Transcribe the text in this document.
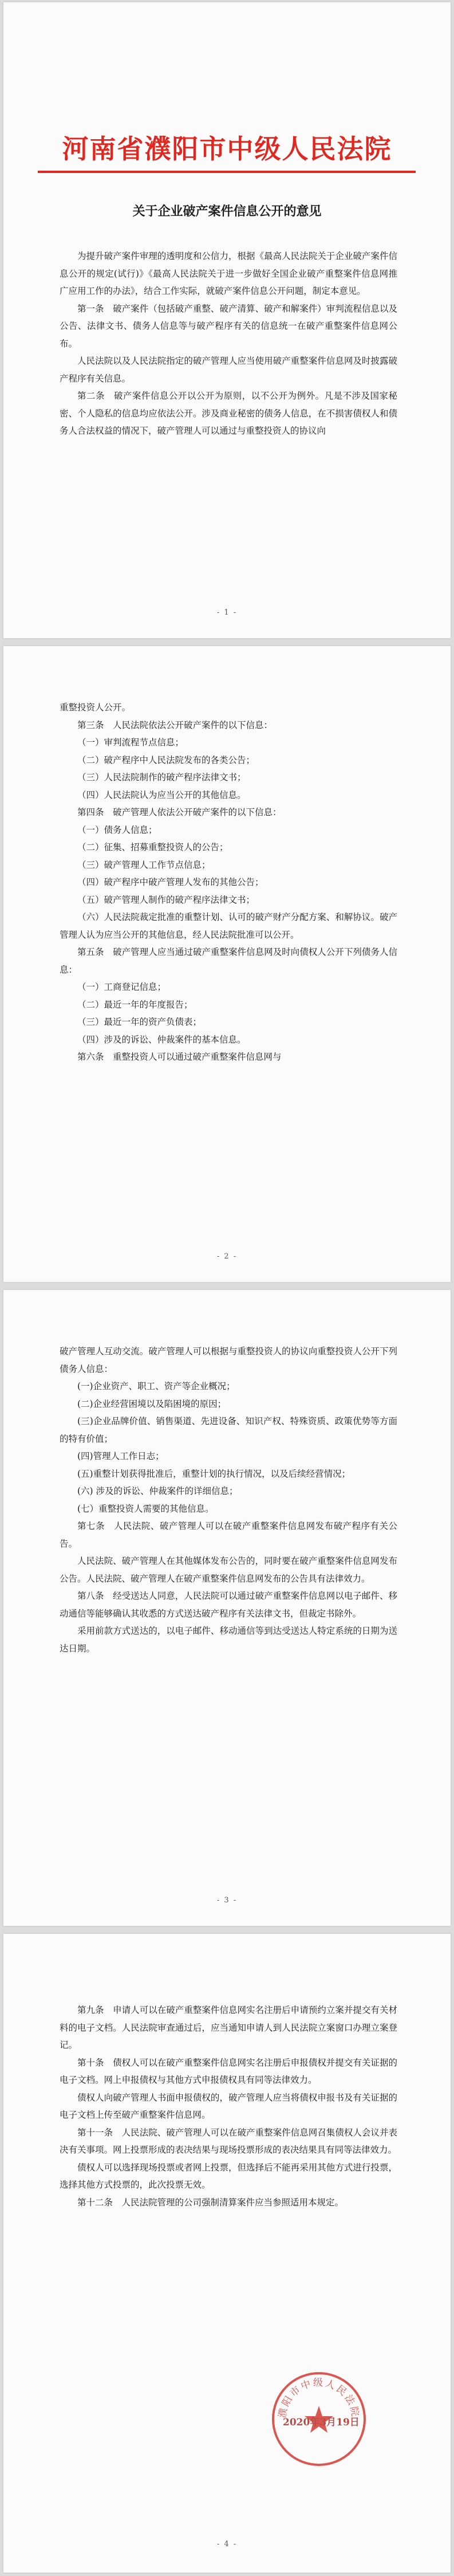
河南省濮阳市中级人民法院
关于企业破产案件信息公开的意见

为提升破产案件审理的透明度和公信力，根据《最高人民法院关于企业破产案件信息公开的规定(试行)》《最高人民法院关于进一步做好全国企业破产重整案件信息网推广应用工作的办法》，结合工作实际，就破产案件信息公开问题，制定本意见。

第一条　破产案件（包括破产重整、破产清算、破产和解案件）审判流程信息以及公告、法律文书、债务人信息等与破产程序有关的信息统一在破产重整案件信息网公布。

人民法院以及人民法院指定的破产管理人应当使用破产重整案件信息网及时披露破产程序有关信息。

第二条　破产案件信息公开以公开为原则，以不公开为例外。凡是不涉及国家秘密、个人隐私的信息均应依法公开。涉及商业秘密的债务人信息，在不损害债权人和债务人合法权益的情况下，破产管理人可以通过与重整投资人的协议向

- 1 -

重整投资人公开。

第三条　人民法院依法公开破产案件的以下信息：

（一）审判流程节点信息；

（二）破产程序中人民法院发布的各类公告；

（三）人民法院制作的破产程序法律文书；

（四）人民法院认为应当公开的其他信息。

第四条　破产管理人依法公开破产案件的以下信息：

（一）债务人信息；

（二）征集、招募重整投资人的公告；

（三）破产管理人工作节点信息；

（四）破产程序中破产管理人发布的其他公告；

（五）破产管理人制作的破产程序法律文书；

（六）人民法院裁定批准的重整计划、认可的破产财产分配方案、和解协议。破产管理人认为应当公开的其他信息，经人民法院批准可以公开。

第五条　破产管理人应当通过破产重整案件信息网及时向债权人公开下列债务人信息：

（一）工商登记信息；

（二）最近一年的年度报告；

（三）最近一年的资产负债表；

（四）涉及的诉讼、仲裁案件的基本信息。

第六条　重整投资人可以通过破产重整案件信息网与

- 2 -

破产管理人互动交流。破产管理人可以根据与重整投资人的协议向重整投资人公开下列债务人信息：

(一)企业资产、职工、资产等企业概况；

(二)企业经营困境以及陷困境的原因；

(三)企业品牌价值、销售渠道、先进设备、知识产权、特殊资质、政策优势等方面的特有价值；

(四)管理人工作日志；

(五)重整计划获得批准后，重整计划的执行情况，以及后续经营情况；

(六) 涉及的诉讼、仲裁案件的详细信息；

(七）重整投资人需要的其他信息。

第七条　人民法院、破产管理人可以在破产重整案件信息网发布破产程序有关公告。

人民法院、破产管理人在其他媒体发布公告的，同时要在破产重整案件信息网发布公告。人民法院、破产管理人在破产重整案件信息网发布的公告具有法律效力。

第八条　经受送达人同意，人民法院可以通过破产重整案件信息网以电子邮件、移动通信等能够确认其收悉的方式送达破产程序有关法律文书，但裁定书除外。

采用前款方式送达的，以电子邮件、移动通信等到达受送达人特定系统的日期为送达日期。

- 3 -

第九条　申请人可以在破产重整案件信息网实名注册后申请预约立案并提交有关材料的电子文档。人民法院审查通过后，应当通知申请人到人民法院立案窗口办理立案登记。

第十条　债权人可以在破产重整案件信息网实名注册后申报债权并提交有关证据的电子文档。网上申报债权与其他方式申报债权具有同等法律效力。

债权人向破产管理人书面申报债权的，破产管理人应当将债权申报书及有关证据的电子文档上传至破产重整案件信息网。

第十一条　人民法院、破产管理人可以在破产重整案件信息网召集债权人会议并表决有关事项。网上投票形成的表决结果与现场投票形成的表决结果具有同等法律效力。

债权人可以选择现场投票或者网上投票，但选择后不能再采用其他方式进行投票，选择其他方式投票的，此次投票无效。

第十二条　人民法院管理的公司强制清算案件应当参照适用本规定。

濮阳市中级人民法院
2020年3月19日
- 4 -
